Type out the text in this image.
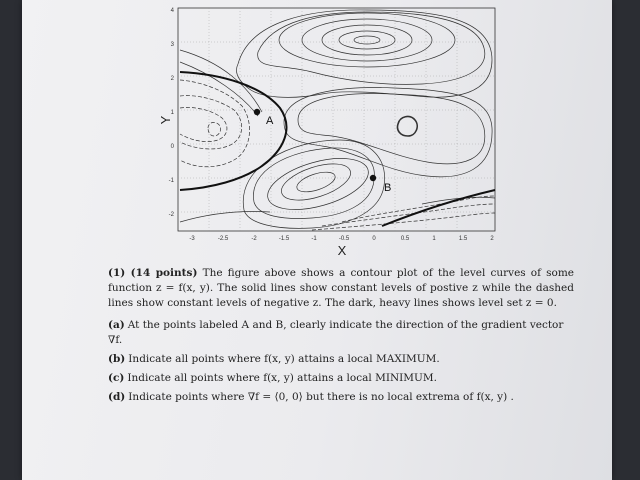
-3	-2.5	-2	-1.5	-1	-0.5	0	0.5	1	1.5	2
4
3
2
1
0
-1
-2
X
Y	A
B

(1) (14 points) The figure above shows a contour plot of the level curves of some function z = f(x, y). The solid lines show constant levels of postive z while the dashed lines show constant levels of negative z. The dark, heavy lines shows level set z = 0.

(a) At the points labeled A and B, clearly indicate the direction of the gradient vector ∇f.
(b) Indicate all points where f(x, y) attains a local MAXIMUM.
(c) Indicate all points where f(x, y) attains a local MINIMUM.
(d) Indicate points where ∇f = ⟨0, 0⟩ but there is no local extrema of f(x, y) .
